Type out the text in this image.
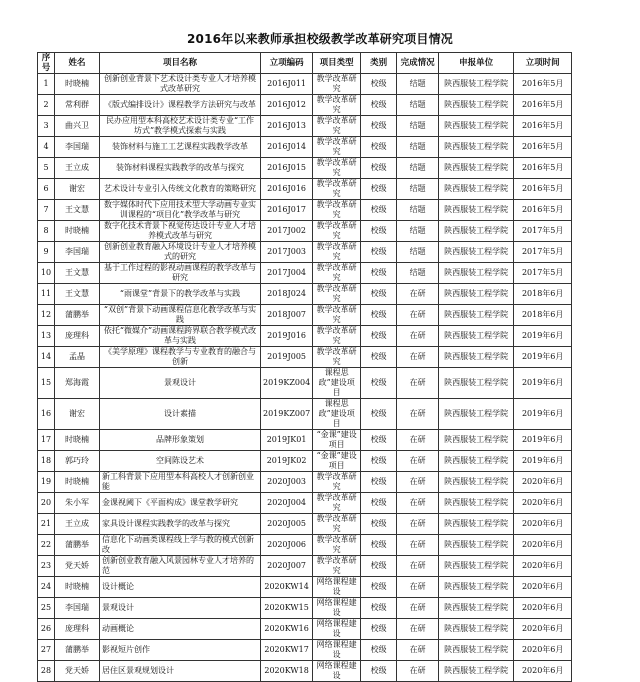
2016年以来教师承担校级教学改革研究项目情况
序号	姓名	项目名称	立项编码	项目类型	类别	完成情况	申报单位	立项时间
1	时晓楠	创新创业背景下艺术设计类专业人才培养模式改革研究	2016J011	教学改革研究	校级	结题	陕西服装工程学院	2016年5月
2	常利群	《版式编排设计》课程教学方法研究与改革	2016J012	教学改革研究	校级	结题	陕西服装工程学院	2016年5月
3	曲兴卫	民办应用型本科高校艺术设计类专业“工作坊式”教学模式探索与实践	2016J013	教学改革研究	校级	结题	陕西服装工程学院	2016年5月
4	李国瑞	装饰材料与施工工艺课程实践教学改革	2016J014	教学改革研究	校级	结题	陕西服装工程学院	2016年5月
5	王立成	装饰材料课程实践教学的改革与探究	2016J015	教学改革研究	校级	结题	陕西服装工程学院	2016年5月
6	谢宏	艺术设计专业引入传统文化教育的策略研究	2016J016	教学改革研究	校级	结题	陕西服装工程学院	2016年5月
7	王文慧	数字媒体时代下应用技术型大学动画专业实训课程的“项目化”教学改革与研究	2016J017	教学改革研究	校级	结题	陕西服装工程学院	2016年5月
8	时晓楠	数字化技术背景下视觉传达设计专业人才培养模式改革与研究	2017J002	教学改革研究	校级	结题	陕西服装工程学院	2017年5月
9	李国瑞	创新创业教育融入环境设计专业人才培养模式的研究	2017J003	教学改革研究	校级	结题	陕西服装工程学院	2017年5月
10	王文慧	基于工作过程的影视动画课程的教学改革与研究	2017J004	教学改革研究	校级	结题	陕西服装工程学院	2017年5月
11	王文慧	“雨课堂”背景下的教学改革与实践	2018J024	教学改革研究	校级	在研	陕西服装工程学院	2018年6月
12	蒲鹏举	“双创”背景下动画课程信息化教学改革与实践	2018J007	教学改革研究	校级	在研	陕西服装工程学院	2018年6月
13	庞理科	依托“微媒介”动画课程跨界联合教学模式改革与实践	2019J016	教学改革研究	校级	在研	陕西服装工程学院	2019年6月
14	孟晶	《美学原理》课程教学与专业教育的融合与创新	2019J005	教学改革研究	校级	在研	陕西服装工程学院	2019年6月
15	郑海霞	景观设计	2019KZ004	课程思政”建设项目	校级	在研	陕西服装工程学院	2019年6月
16	谢宏	设计素描	2019KZ007	课程思政”建设项目	校级	在研	陕西服装工程学院	2019年6月
17	时晓楠	品牌形象策划	2019JK01	“金课”建设项目	校级	在研	陕西服装工程学院	2019年6月
18	郭巧玲	空间陈设艺术	2019JK02	“金课”建设项目	校级	在研	陕西服装工程学院	2019年6月
19	时晓楠	新工科背景下应用型本科高校人才创新创业能	2020J003	教学改革研究	校级	在研	陕西服装工程学院	2020年6月
20	朱小军	金课视阈下《平面构成》课堂教学研究	2020J004	教学改革研究	校级	在研	陕西服装工程学院	2020年6月
21	王立成	家具设计课程实践教学的改革与探究	2020J005	教学改革研究	校级	在研	陕西服装工程学院	2020年6月
22	蒲鹏举	信息化下动画类课程线上学与教的模式创新改	2020J006	教学改革研究	校级	在研	陕西服装工程学院	2020年6月
23	党天娇	创新创业教育融入风景园林专业人才培养的范	2020J007	教学改革研究	校级	在研	陕西服装工程学院	2020年6月
24	时晓楠	设计概论	2020KW14	网络课程建设	校级	在研	陕西服装工程学院	2020年6月
25	李国瑞	景观设计	2020KW15	网络课程建设	校级	在研	陕西服装工程学院	2020年6月
26	庞理科	动画概论	2020KW16	网络课程建设	校级	在研	陕西服装工程学院	2020年6月
27	蒲鹏举	影视短片创作	2020KW17	网络课程建设	校级	在研	陕西服装工程学院	2020年6月
28	党天娇	居住区景观规划设计	2020KW18	网络课程建设	校级	在研	陕西服装工程学院	2020年6月
